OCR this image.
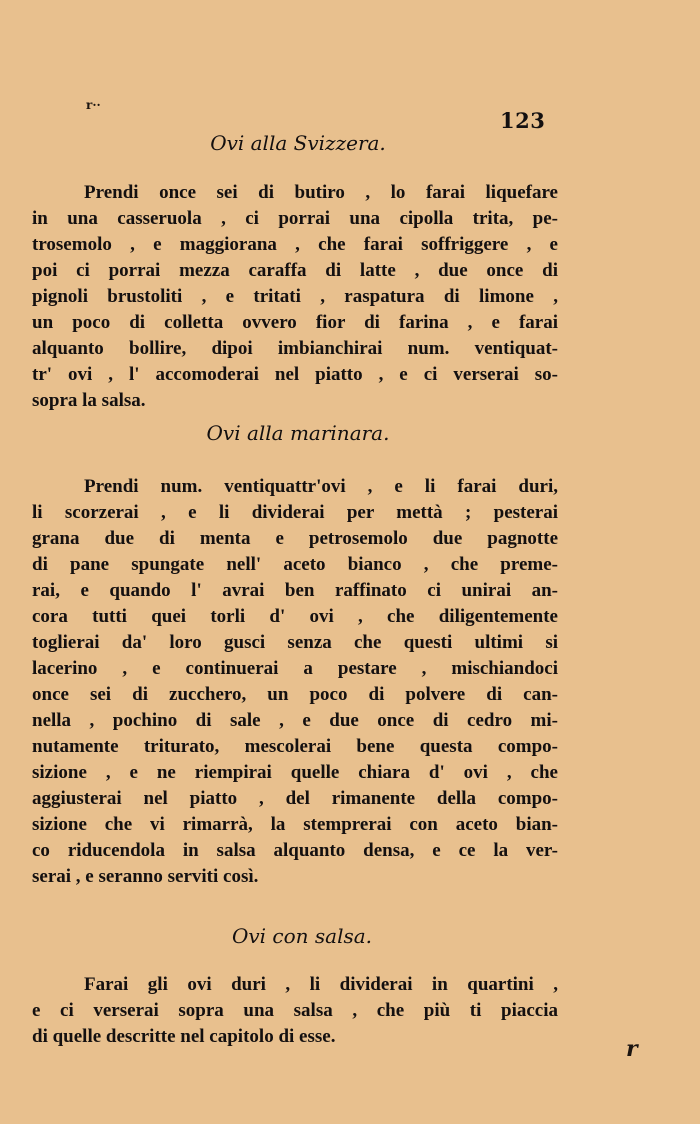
r··
123
Ovi alla Svizzera.
Prendi once sei di butiro , lo farai liquefare
in una casseruola , ci porrai una cipolla trita, pe-
trosemolo , e maggiorana , che farai soffriggere , e
poi ci porrai mezza caraffa di latte , due once di
pignoli brustoliti , e tritati , raspatura di limone ,
un poco di colletta ovvero fior di farina , e farai
alquanto bollire, dipoi imbianchirai num. ventiquat-
tr' ovi , l' accomoderai nel piatto , e ci verserai so-
sopra la salsa.
Ovi alla marinara.
Prendi num. ventiquattr'ovi , e li farai duri,
li scorzerai , e li dividerai per mettà ; pesterai
grana due di menta e petrosemolo due pagnotte
di pane spungate nell' aceto bianco , che preme-
rai, e quando l' avrai ben raffinato ci unirai an-
cora tutti quei torli d' ovi , che diligentemente
toglierai da' loro gusci senza che questi ultimi si
lacerino , e continuerai a pestare , mischiandoci
once sei di zucchero, un poco di polvere di can-
nella , pochino di sale , e due once di cedro mi-
nutamente triturato, mescolerai bene questa compo-
sizione , e ne riempirai quelle chiara d' ovi , che
aggiusterai nel piatto , del rimanente della compo-
sizione che vi rimarrà, la stemprerai con aceto bian-
co riducendola in salsa alquanto densa, e ce la ver-
serai , e seranno serviti così.
Ovi con salsa.
Farai gli ovi duri , li dividerai in quartini ,
e ci verserai sopra una salsa , che più ti piaccia
di quelle descritte nel capitolo di esse.	r
